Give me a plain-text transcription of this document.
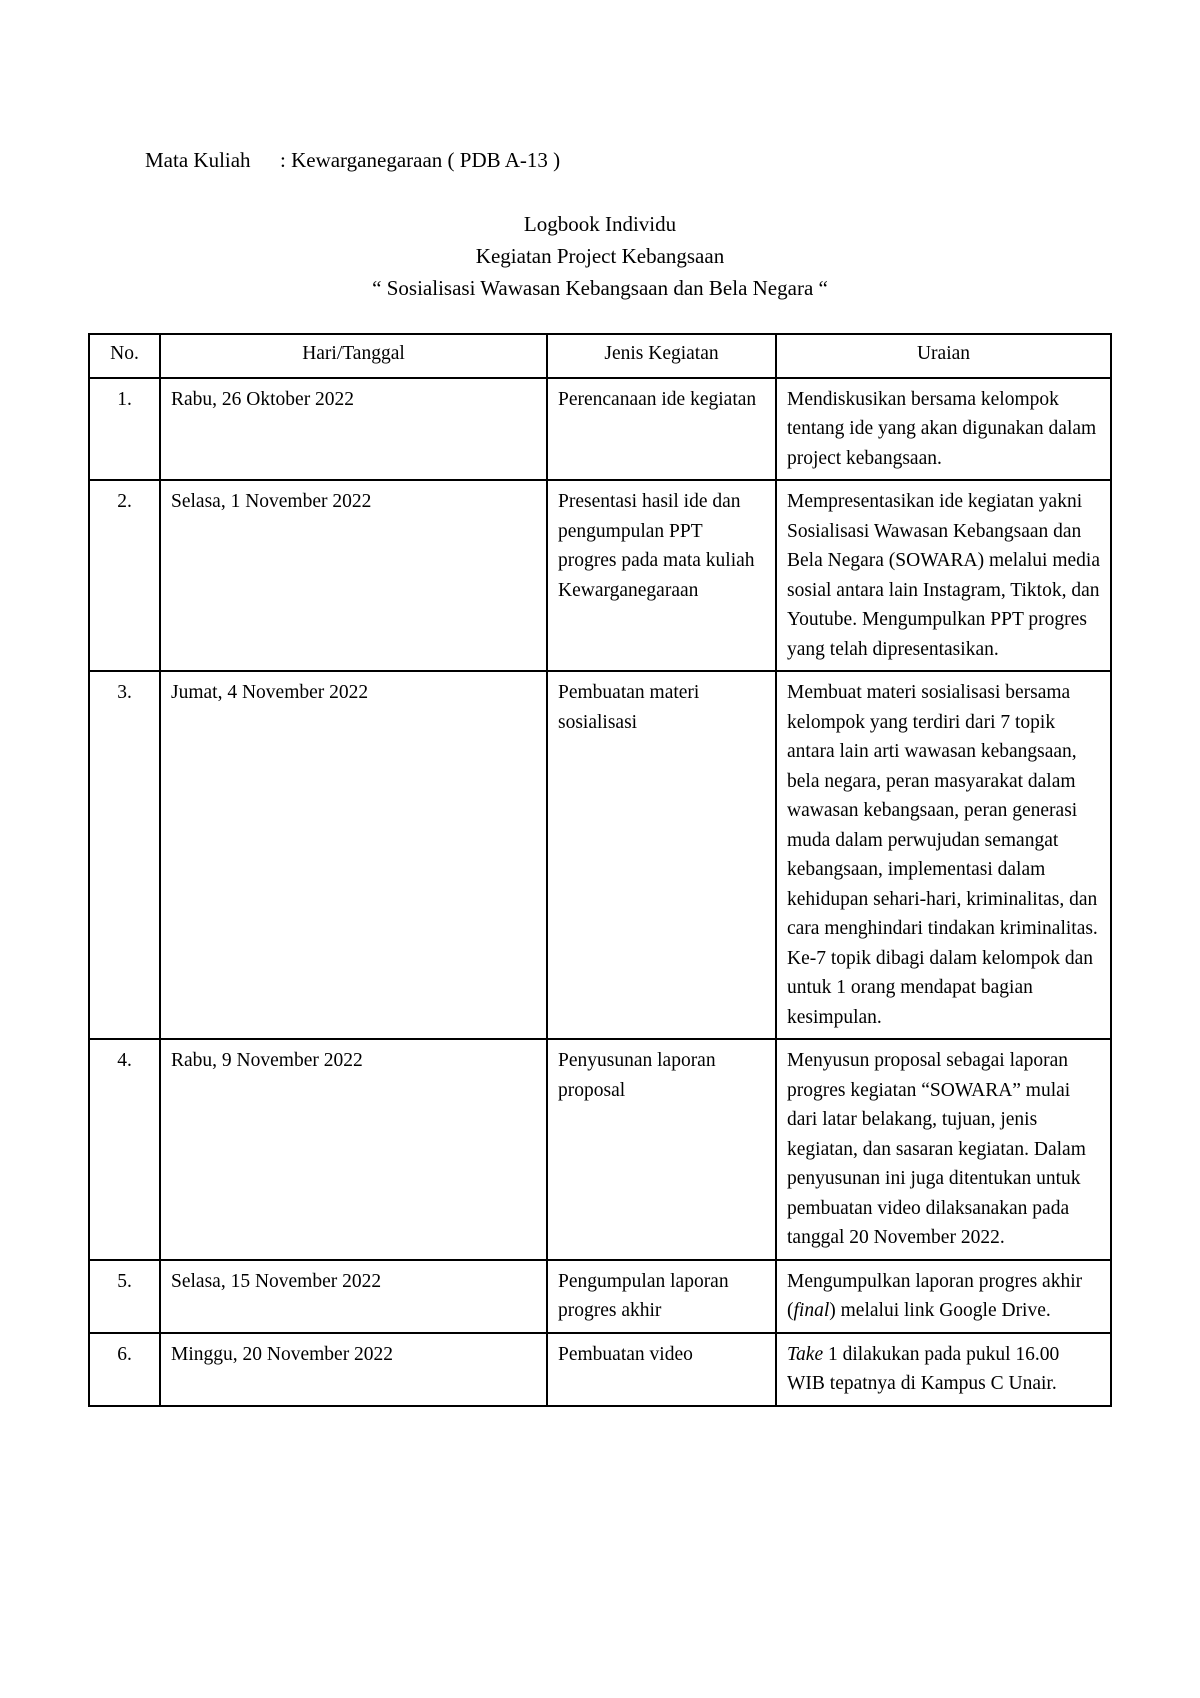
Mata Kuliah : Kewarganegaraan ( PDB A-13 )
Logbook Individu
Kegiatan Project Kebangsaan
“ Sosialisasi Wawasan Kebangsaan dan Bela Negara “
No.	Hari/Tanggal	Jenis Kegiatan	Uraian
1.	Rabu, 26 Oktober 2022	Perencanaan ide kegiatan	Mendiskusikan bersama kelompok tentang ide yang akan digunakan dalam project kebangsaan.
2.	Selasa, 1 November 2022	Presentasi hasil ide dan pengumpulan PPT progres pada mata kuliah Kewarganegaraan	Mempresentasikan ide kegiatan yakni Sosialisasi Wawasan Kebangsaan dan Bela Negara (SOWARA) melalui media sosial antara lain Instagram, Tiktok, dan Youtube. Mengumpulkan PPT progres yang telah dipresentasikan.
3.	Jumat, 4 November 2022	Pembuatan materi sosialisasi	Membuat materi sosialisasi bersama kelompok yang terdiri dari 7 topik antara lain arti wawasan kebangsaan, bela negara, peran masyarakat dalam wawasan kebangsaan, peran generasi muda dalam perwujudan semangat kebangsaan, implementasi dalam kehidupan sehari-hari, kriminalitas, dan cara menghindari tindakan kriminalitas. Ke-7 topik dibagi dalam kelompok dan untuk 1 orang mendapat bagian kesimpulan.
4.	Rabu, 9 November 2022	Penyusunan laporan proposal	Menyusun proposal sebagai laporan progres kegiatan “SOWARA” mulai dari latar belakang, tujuan, jenis kegiatan, dan sasaran kegiatan. Dalam penyusunan ini juga ditentukan untuk pembuatan video dilaksanakan pada tanggal 20 November 2022.
5.	Selasa, 15 November 2022	Pengumpulan laporan progres akhir	Mengumpulkan laporan progres akhir (final) melalui link Google Drive.
6.	Minggu, 20 November 2022	Pembuatan video	Take 1 dilakukan pada pukul 16.00 WIB tepatnya di Kampus C Unair.
